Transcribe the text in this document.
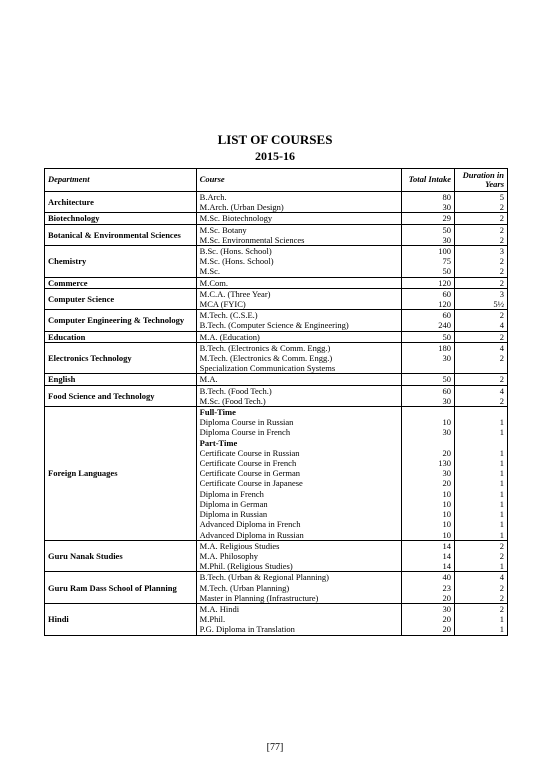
LIST OF COURSES
2015-16
Department	Course	Total Intake	Duration in Years
Architecture	B.Arch.	80	5
	M.Arch. (Urban Design)	30	2
Biotechnology	M.Sc. Biotechnology	29	2
Botanical & Environmental Sciences	M.Sc. Botany	50	2
	M.Sc. Environmental Sciences	30	2
Chemistry	B.Sc. (Hons. School)	100	3
	M.Sc. (Hons. School)	75	2
	M.Sc.	50	2
Commerce	M.Com.	120	2
Computer Science	M.C.A. (Three Year)	60	3
	MCA (FYIC)	120	5½
Computer Engineering & Technology	M.Tech. (C.S.E.)	60	2
	B.Tech. (Computer Science & Engineering)	240	4
Education	M.A. (Education)	50	2
Electronics Technology	B.Tech. (Electronics & Comm. Engg.)	180	4
	M.Tech. (Electronics & Comm. Engg.)	30	2
	Specialization Communication Systems		
English	M.A.	50	2
Food Science and Technology	B.Tech. (Food Tech.)	60	4
	M.Sc. (Food Tech.)	30	2
Foreign Languages	Full-Time		
	Diploma Course in Russian	10	1
	Diploma Course in French	30	1
	Part-Time		
	Certificate Course in Russian	20	1
	Certificate Course in French	130	1
	Certificate Course in German	30	1
	Certificate Course in Japanese	20	1
	Diploma in French	10	1
	Diploma in German	10	1
	Diploma in Russian	10	1
	Advanced Diploma in French	10	1
	Advanced Diploma in Russian	10	1
Guru Nanak Studies	M.A. Religious Studies	14	2
	M.A. Philosophy	14	2
	M.Phil. (Religious Studies)	14	1
Guru Ram Dass School of Planning	B.Tech. (Urban & Regional Planning)	40	4
	M.Tech. (Urban Planning)	23	2
	Master in Planning (Infrastructure)	20	2
Hindi	M.A. Hindi	30	2
	M.Phil.	20	1
	P.G. Diploma in Translation	20	1
[77]
